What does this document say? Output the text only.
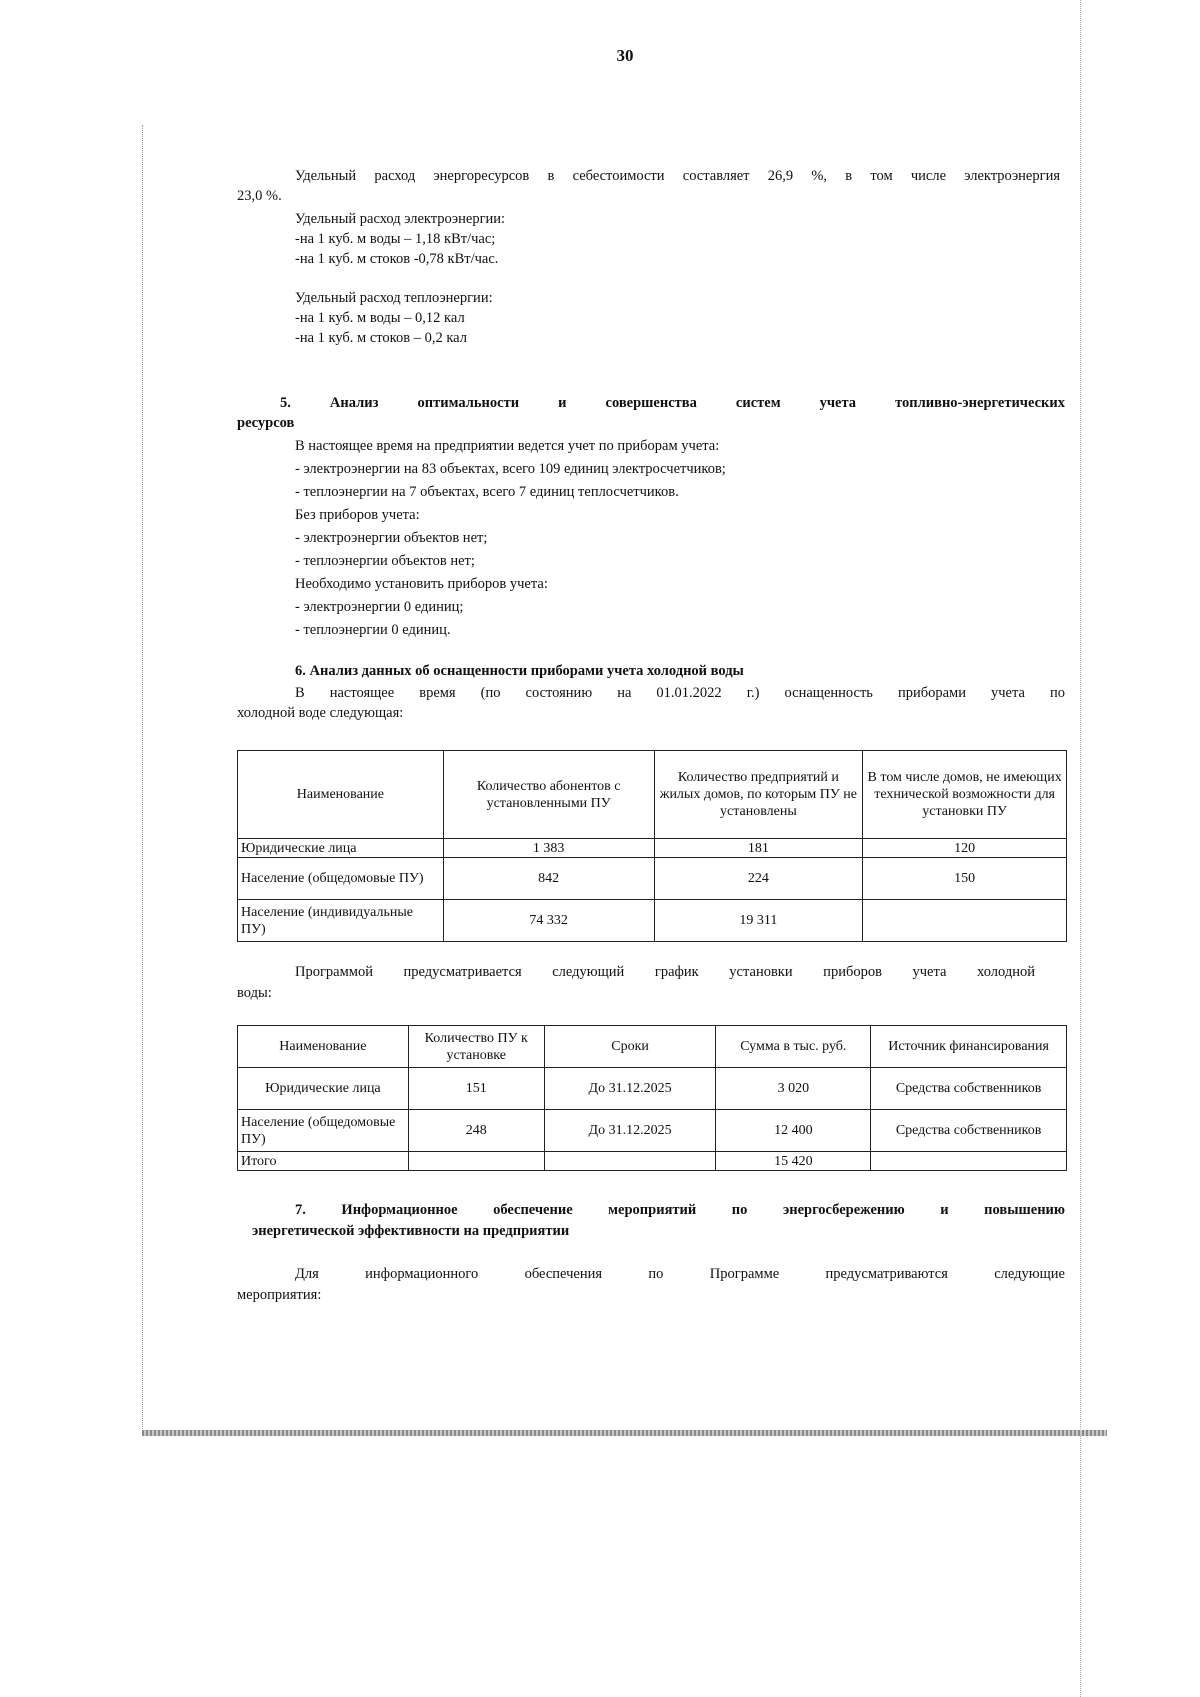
30
Удельный расход энергоресурсов в себестоимости составляет 26,9 %, в том числе электроэнергия
23,0 %.
Удельный расход электроэнергии:
-на 1 куб. м воды – 1,18 кВт/час;
-на 1 куб. м стоков -0,78 кВт/час.
Удельный расход теплоэнергии:
-на 1 куб. м воды – 0,12 кал
-на 1 куб. м стоков – 0,2 кал
5. Анализ оптимальности и совершенства систем учета топливно-энергетических
ресурсов
В настоящее время на предприятии ведется учет по приборам учета:
- электроэнергии на 83 объектах, всего 109 единиц электросчетчиков;
- теплоэнергии на 7 объектах, всего 7 единиц теплосчетчиков.
Без приборов учета:
- электроэнергии объектов нет;
- теплоэнергии объектов нет;
Необходимо установить приборов учета:
- электроэнергии 0 единиц;
- теплоэнергии 0 единиц.
6. Анализ данных об оснащенности приборами учета холодной воды
В настоящее время (по состоянию на 01.01.2022 г.) оснащенность приборами учета по
холодной воде следующая:
Наименование	Количество абонентов с установленными ПУ	Количество предприятий и жилых домов, по которым ПУ не установлены	В том числе домов, не имеющих технической возможности для установки ПУ
Юридические лица	1 383	181	120
Население (общедомовые ПУ)	842	224	150
Население (индивидуальные ПУ)	74 332	19 311	
Программой предусматривается следующий график установки приборов учета холодной
воды:
Наименование	Количество ПУ к установке	Сроки	Сумма в тыс. руб.	Источник финансирования
Юридические лица	151	До 31.12.2025	3 020	Средства собственников
Население (общедомовые ПУ)	248	До 31.12.2025	12 400	Средства собственников
Итого			15 420	
7. Информационное обеспечение мероприятий по энергосбережению и повышению
энергетической эффективности на предприятии
Для информационного обеспечения по Программе предусматриваются следующие
мероприятия:
